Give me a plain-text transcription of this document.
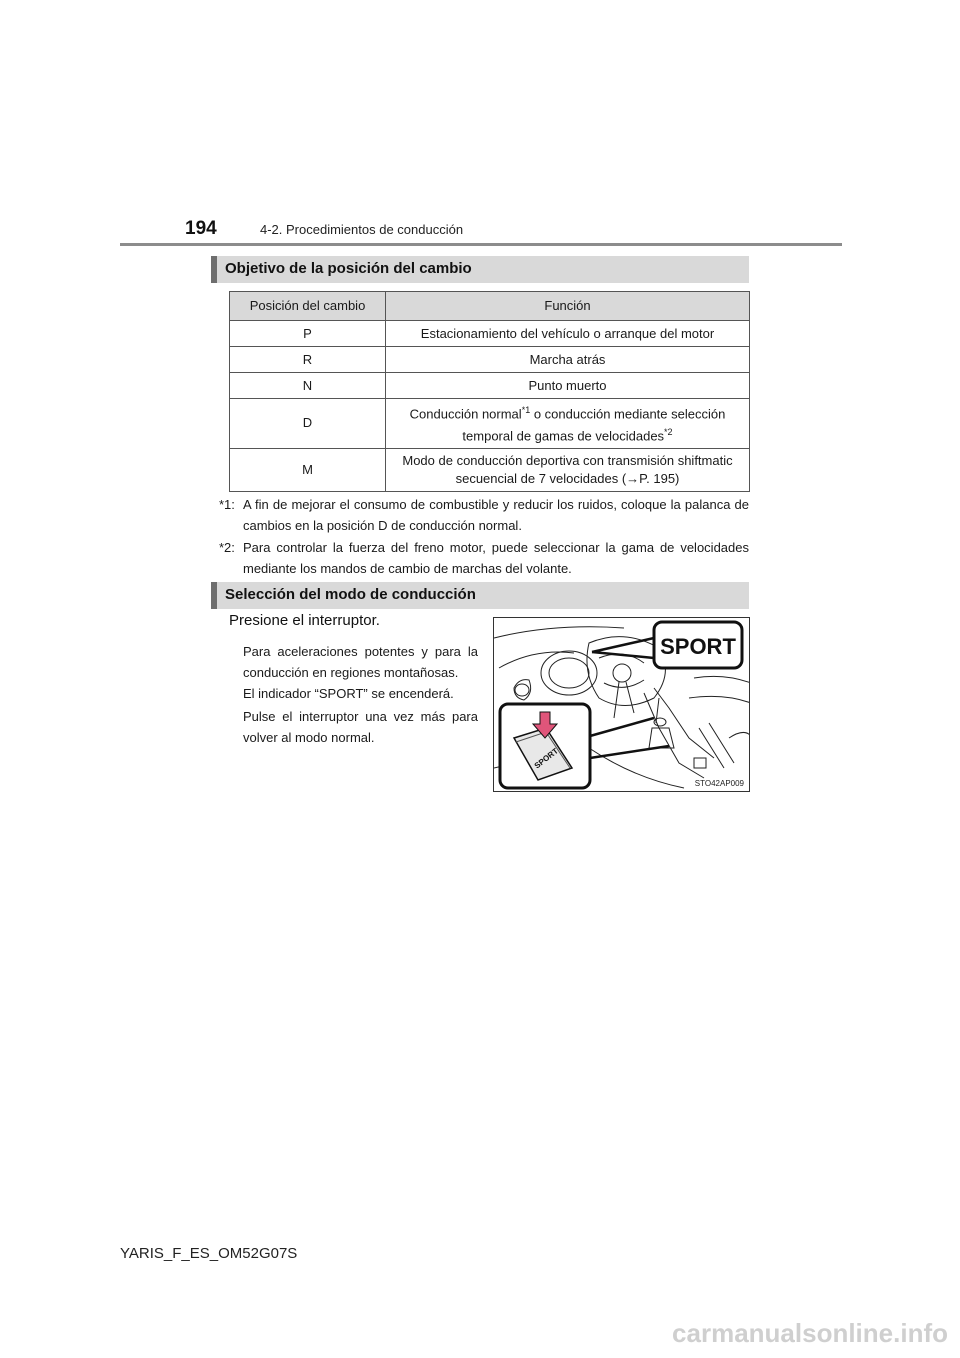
194	4-2. Procedimientos de conducción
Objetivo de la posición del cambio
Posición del cambio	Función
P	Estacionamiento del vehículo o arranque del motor
R	Marcha atrás
N	Punto muerto
D	Conducción normal$^{*1}$ o conducción mediante selección temporal de gamas de velocidades$^{*2}$
M	Modo de conducción deportiva con transmisión shiftmatic secuencial de 7 velocidades (→P. 195)
*1: A fin de mejorar el consumo de combustible y reducir los ruidos, coloque la palanca de cambios en la posición D de conducción normal.
*2: Para controlar la fuerza del freno motor, puede seleccionar la gama de velocidades mediante los mandos de cambio de marchas del volante.
Selección del modo de conducción
Presione el interruptor.
Para aceleraciones potentes y para la conducción en regiones montañosas.
El indicador “SPORT” se encenderá.
Pulse el interruptor una vez más para volver al modo normal.
SPORT
SPORT
STO42AP009
YARIS_F_ES_OM52G07S
carmanualsonline.info
